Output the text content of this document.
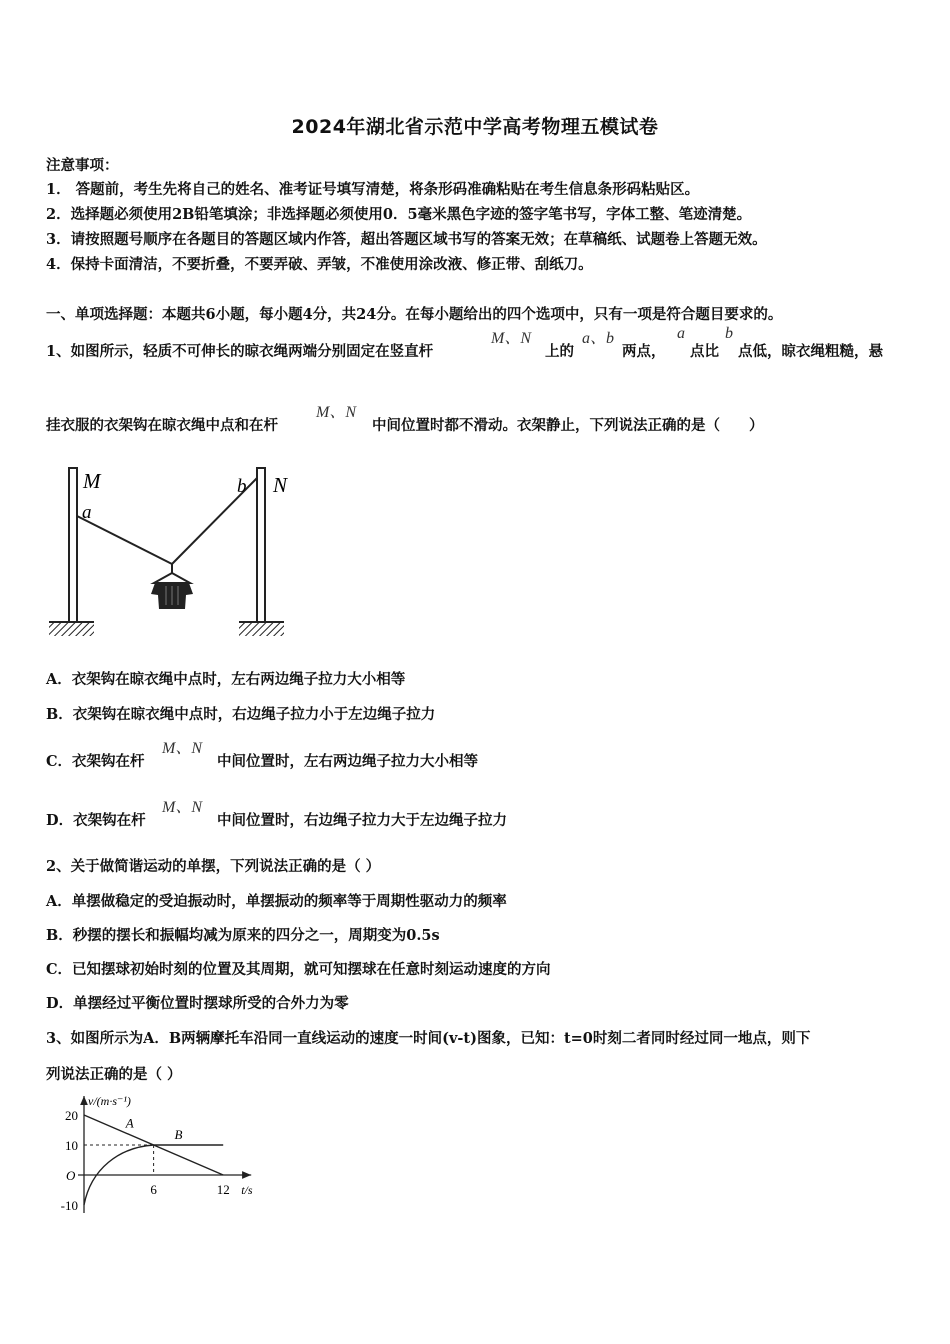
2024年湖北省示范中学高考物理五模试卷
注意事项：
1． 答题前，考生先将自己的姓名、准考证号填写清楚，将条形码准确粘贴在考生信息条形码粘贴区。
2．选择题必须使用2B铅笔填涂；非选择题必须使用0．5毫米黑色字迹的签字笔书写，字体工整、笔迹清楚。
3．请按照题号顺序在各题目的答题区域内作答，超出答题区域书写的答案无效；在草稿纸、试题卷上答题无效。
4．保持卡面清洁，不要折叠，不要弄破、弄皱，不准使用涂改液、修正带、刮纸刀。
一、单项选择题：本题共6小题，每小题4分，共24分。在每小题给出的四个选项中，只有一项是符合题目要求的。
1、如图所示，轻质不可伸长的晾衣绳两端分别固定在竖直杆
M、N
上的
a、b
两点，
a
点比
b
点低，晾衣绳粗糙，悬
挂衣服的衣架钩在晾衣绳中点和在杆
M、N
中间位置时都不滑动。衣架静止，下列说法正确的是（　　）
M
a
b N
A．衣架钩在晾衣绳中点时，左右两边绳子拉力大小相等
B．衣架钩在晾衣绳中点时，右边绳子拉力小于左边绳子拉力
C．衣架钩在杆
M、N
中间位置时，左右两边绳子拉力大小相等
D．衣架钩在杆
M、N
中间位置时，右边绳子拉力大于左边绳子拉力
2、关于做简谐运动的单摆，下列说法正确的是（ ）
A．单摆做稳定的受迫振动时，单摆振动的频率等于周期性驱动力的频率
B．秒摆的摆长和振幅均减为原来的四分之一，周期变为0.5s
C．已知摆球初始时刻的位置及其周期，就可知摆球在任意时刻运动速度的方向
D．单摆经过平衡位置时摆球所受的合外力为零
3、如图所示为A．B两辆摩托车沿同一直线运动的速度一时间(v-t)图象，已知：t=0时刻二者同时经过同一地点，则下
列说法正确的是（ ）
v/(m·s⁻¹)
t/s
O
20
10
-10
6	12
A
B
